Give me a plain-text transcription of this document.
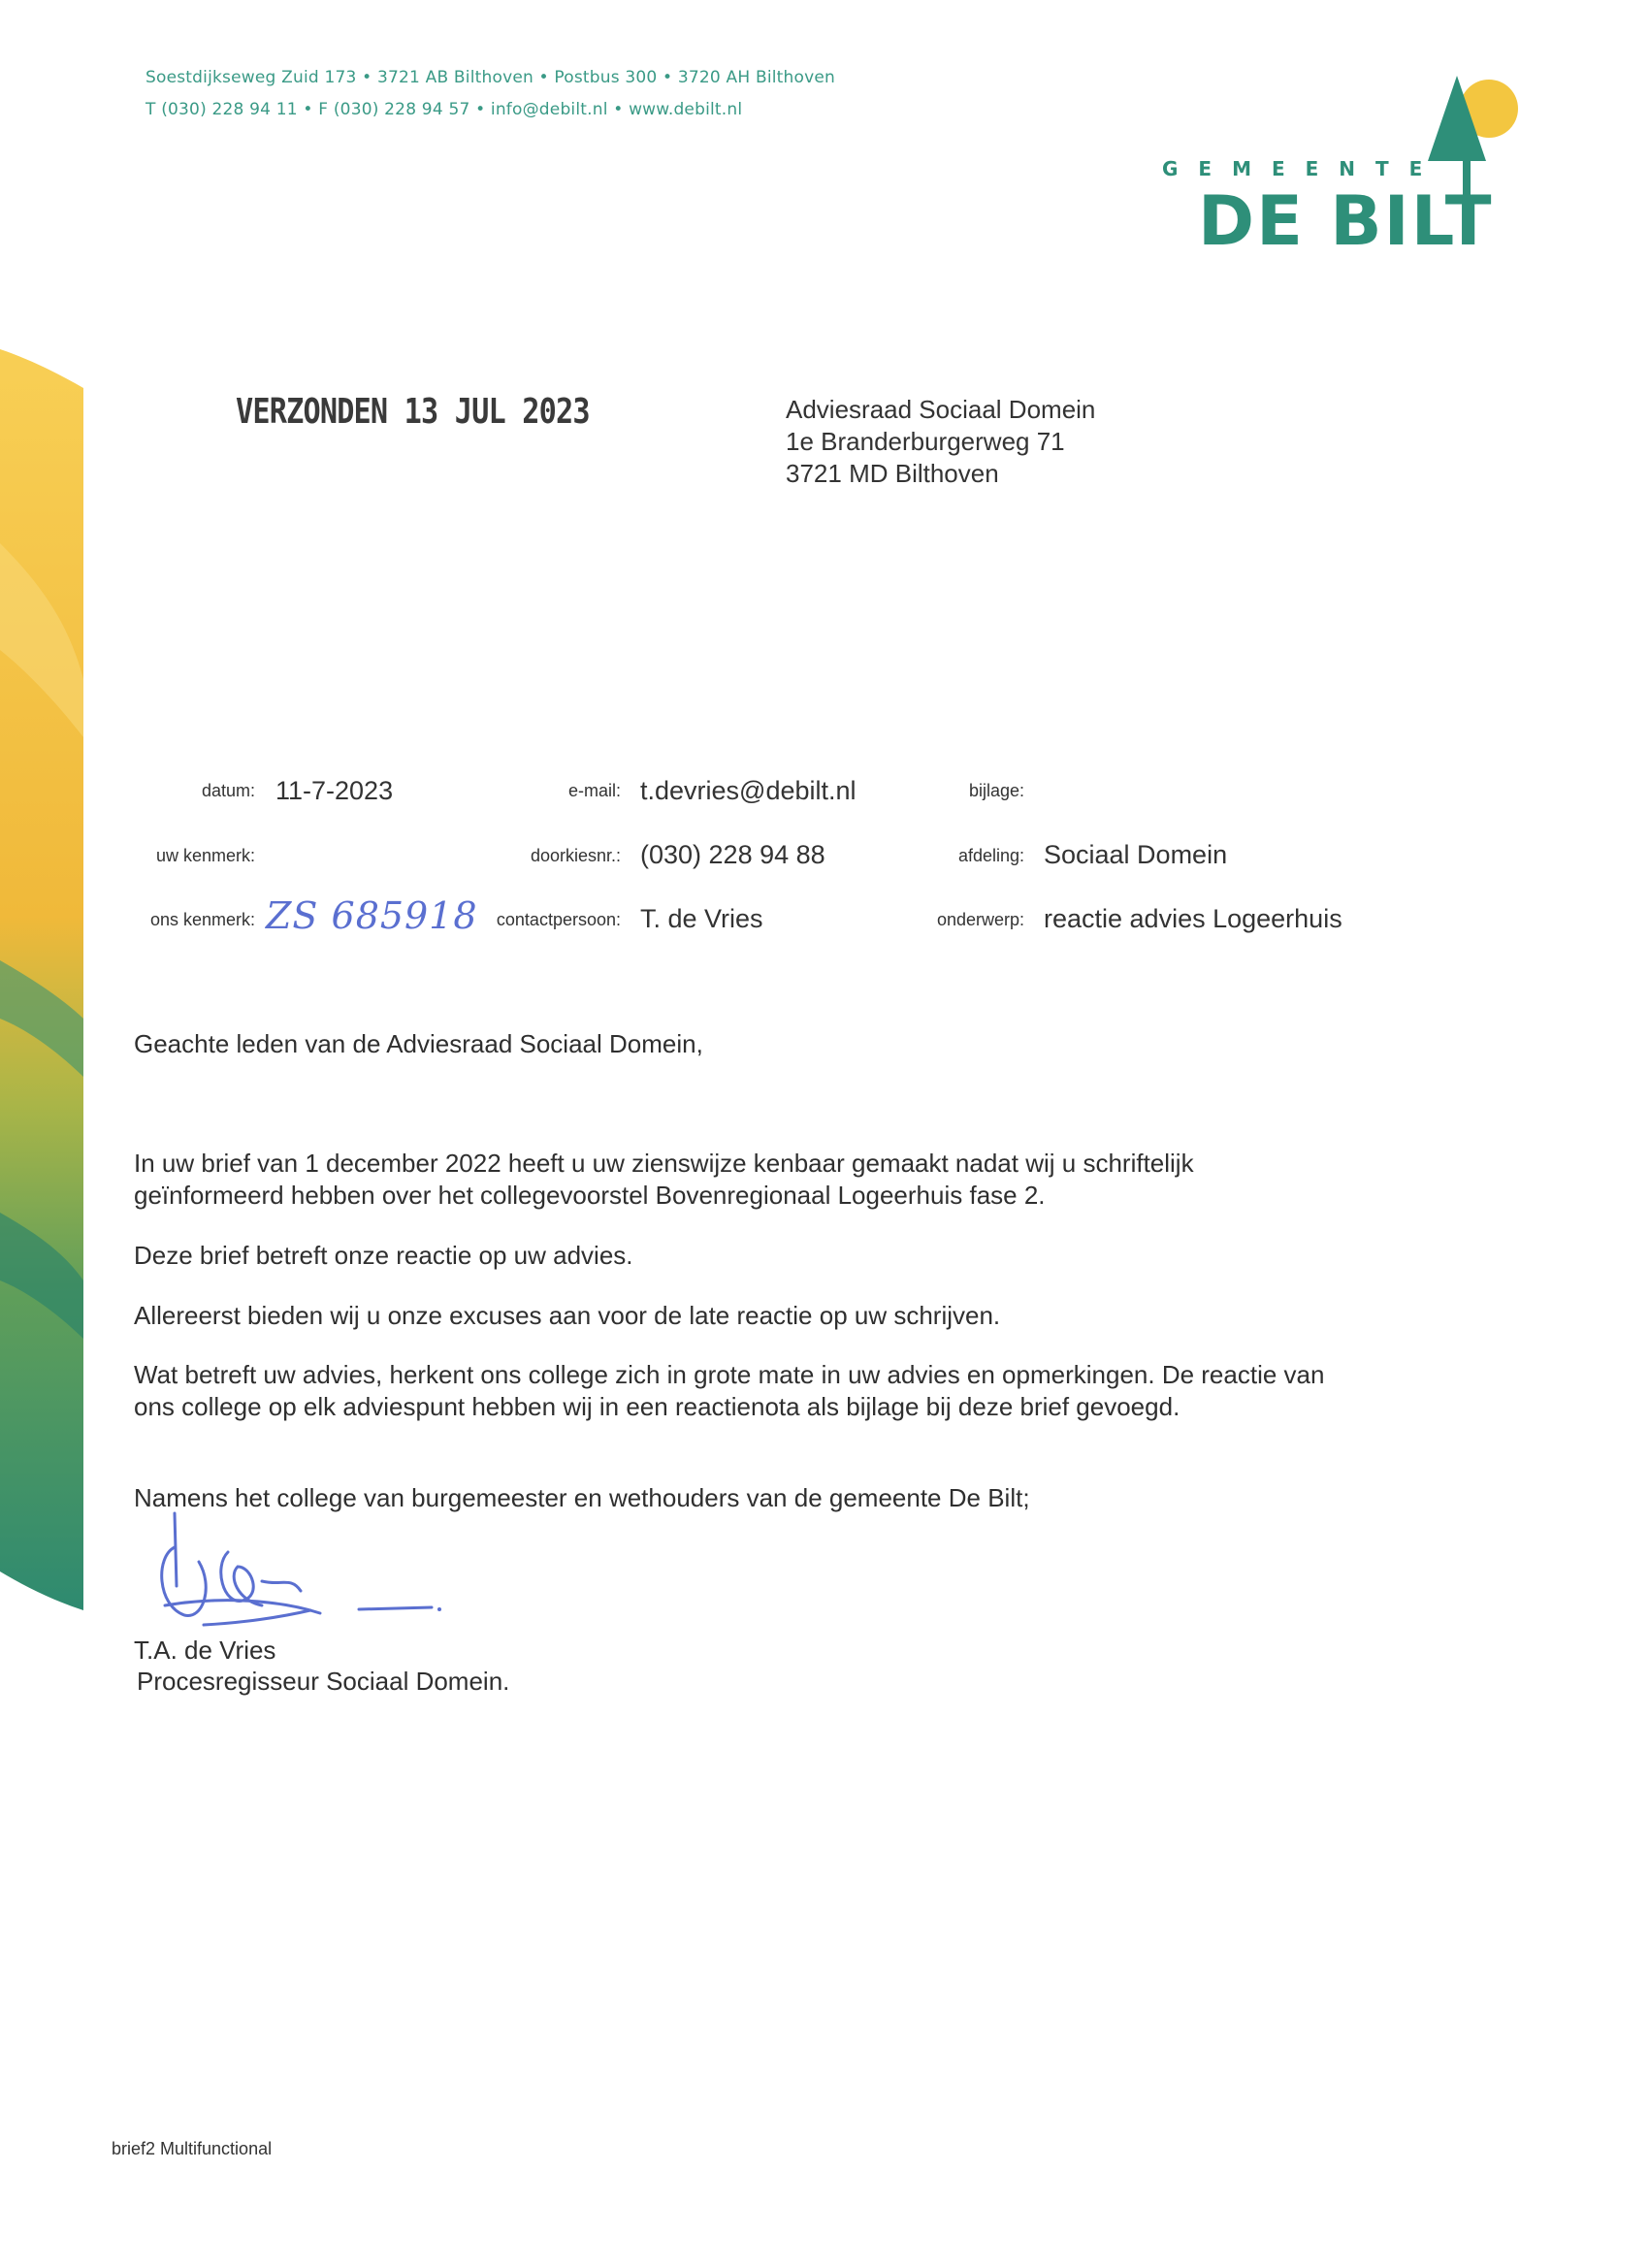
Soestdijkseweg Zuid 173 • 3721 AB Bilthoven • Postbus 300 • 3720 AH Bilthoven
T (030) 228 94 11 • F (030) 228 94 57 • info@debilt.nl • www.debilt.nl
GEMEENTE
DE BILT
VERZONDEN 13 JUL 2023	Adviesraad Sociaal Domein
1e Branderburgerweg 71
3721 MD Bilthoven
datum: 11-7-2023	e-mail: t.devries@debilt.nl	bijlage:
uw kenmerk:	doorkiesnr.: (030) 228 94 88	afdeling: Sociaal Domein
ons kenmerk: ZS 685918 contactpersoon: T. de Vries	onderwerp: reactie advies Logeerhuis
Geachte leden van de Adviesraad Sociaal Domein,
In uw brief van 1 december 2022 heeft u uw zienswijze kenbaar gemaakt nadat wij u schriftelijk
geïnformeerd hebben over het collegevoorstel Bovenregionaal Logeerhuis fase 2.
Deze brief betreft onze reactie op uw advies.
Allereerst bieden wij u onze excuses aan voor de late reactie op uw schrijven.
Wat betreft uw advies, herkent ons college zich in grote mate in uw advies en opmerkingen. De reactie van
ons college op elk adviespunt hebben wij in een reactienota als bijlage bij deze brief gevoegd.
Namens het college van burgemeester en wethouders van de gemeente De Bilt;
T.A. de Vries
Procesregisseur Sociaal Domein.
brief2 Multifunctional
